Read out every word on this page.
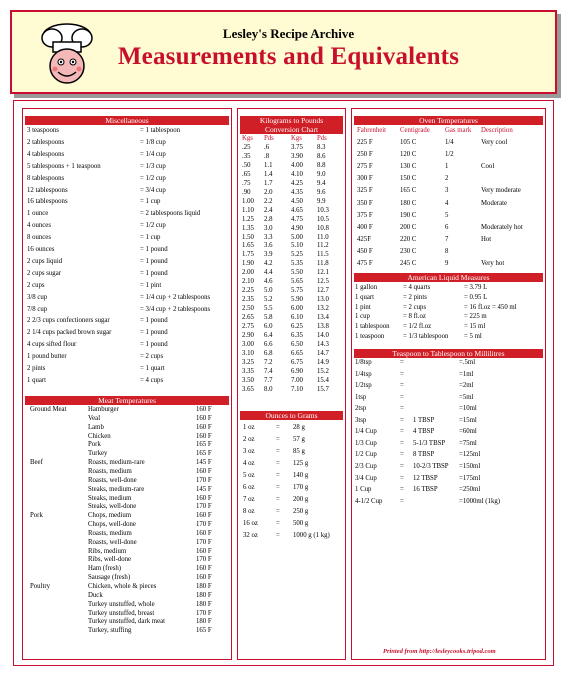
Lesley's Recipe Archive
Measurements and Equivalents
Miscellaneous
3 teaspoons	= 1 tablespoon
2 tablespoons	= 1/8 cup
4 tablespoons	= 1/4 cup
5 tablespoons + 1 teaspoon	= 1/3 cup
8 tablespoons	= 1/2 cup
12 tablespoons	= 3/4 cup
16 tablespoons	= 1 cup
1 ounce	= 2 tablespoons liquid
4 ounces	= 1/2 cup
8 ounces	= 1 cup
16 ounces	= 1 pound
2 cups liquid	= 1 pound
2 cups sugar	= 1 pound
2 cups	= 1 pint
3/8 cup	= 1/4 cup + 2 tablespoons
7/8 cup	= 3/4 cup + 2 tablespoons
2 2/3 cups confectioners sugar	= 1 pound
2 1/4 cups packed brown sugar	= 1 pound
4 cups sifted flour	= 1 pound
1 pound butter	= 2 cups
2 pints	= 1 quart
1 quart	= 4 cups
Meat Temperatures
Ground Meat	Hamburger	160 F
Veal	160 F
Lamb	160 F
Chicken	160 F
Pork	165 F
Turkey	165 F
Beef	Roasts, medium-rare	145 F
Roasts, medium	160 F
Roasts, well-done	170 F
Steaks, medium-rare	145 F
Steaks, medium	160 F
Steaks, well-done	170 F
Pork	Chops, medium	160 F
Chops, well-done	170 F
Roasts, medium	160 F
Roasts, well-done	170 F
Ribs, medium	160 F
Ribs, well-done	170 F
Ham (fresh)	160 F
Sausage (fresh)	160 F
Poultry	Chicken, whole & pieces	180 F
Duck	180 F
Turkey unstuffed, whole	180 F
Turkey unstuffed, breast	170 F
Turkey unstuffed, dark meat	180 F
Turkey, stuffing	165 F
Kilograms to Pounds
Conversion Chart
Kgs Pds	Kgs Pds
.25 .6	3.75 8.3
.35 .8	3.90 8.6
.50 1.1	4.00 8.8
.65 1.4	4.10 9.0
.75 1.7	4.25 9.4
.90 2.0	4.35 9.6
1.00 2.2	4.50 9.9
1.10 2.4	4.65 10.3
1.25 2.8	4.75 10.5
1.35 3.0	4.90 10.8
1.50 3.3	5.00 11.0
1.65 3.6	5.10 11.2
1.75 3.9	5.25 11.5
1.90 4.2	5.35 11.8
2.00 4.4	5.50 12.1
2.10 4.6	5.65 12.5
2.25 5.0	5.75 12.7
2.35 5.2	5.90 13.0
2.50 5.5	6.00 13.2
2.65 5.8	6.10 13.4
2.75 6.0	6.25 13.8
2.90 6.4	6.35 14.0
3.00 6.6	6.50 14.3
3.10 6.8	6.65 14.7
3.25 7.2	6.75 14.9
3.35 7.4	6.90 15.2
3.50 7.7	7.00 15.4
3.65 8.0	7.10 15.7
Ounces to Grams
1 oz	= 28 g
2 oz	= 57 g
3 oz	= 85 g
4 oz	= 125 g
5 oz	= 140 g
6 oz	= 170 g
7 oz	= 200 g
8 oz	= 250 g
16 oz	= 500 g
32 oz	= 1000 g (1 kg)
Oven Temperatures
Fahrenheit Centigrade Gas mark Description
225 F	105 C	1/4	Very cool
250 F	120 C	1/2
275 F	130 C	1	Cool
300 F	150 C	2
325 F	165 C	3	Very moderate
350 F	180 C	4	Moderate
375 F	190 C	5
400 F	200 C	6	Moderately hot
425F	220 C	7	Hot
450 F	230 C	8
475 F	245 C	9	Very hot
American Liquid Measures
1 gallon	= 4 quarts	= 3.79 L
1 quart	= 2 pints	= 0.95 L
1 pint	= 2 cups	= 16 fl.oz = 450 ml
1 cup	= 8 fl.oz	= 225 m
1 tablespoon = 1/2 fl.oz	= 15 ml
1 teaspoon	= 1/3 tablespoon = 5 ml
Teaspoon to Tablespoon to Millilitres
1/8tsp	=	=.5ml
1/4tsp	=	=1ml
1/2tsp	=	=2ml
1tsp	=	=5ml
2tsp	=	=10ml
3tsp	= 1 TBSP	=15ml
1/4 Cup	= 4 TBSP	=60ml
1/3 Cup	= 5-1/3 TBSP =75ml
1/2 Cup	= 8 TBSP	=125ml
2/3 Cup	= 10-2/3 TBSP =150ml
3/4 Cup	= 12 TBSP	=175ml
1 Cup	= 16 TBSP	=250ml
4-1/2 Cup	=	=1000ml (1kg)
Printed from http://lesleycooks.tripod.com
